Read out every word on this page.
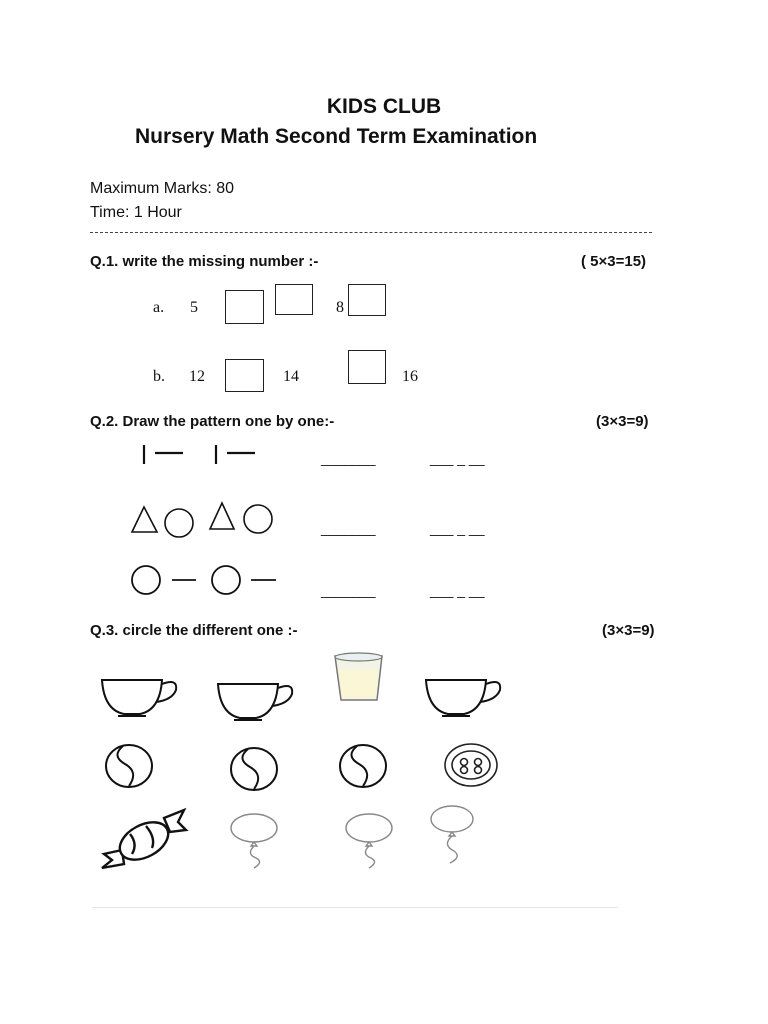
KIDS CLUB
Nursery Math Second Term Examination
Maximum Marks: 80
Time: 1 Hour
Q.1. write the missing number :-	( 5×3=15)
a. 5	8
b. 12	14	16
Q.2. Draw the pattern one by one:-	(3×3=9)
_______	___ _ __
_______	___ _ __
_______	___ _ __
Q.3. circle the different one :-	(3×3=9)
